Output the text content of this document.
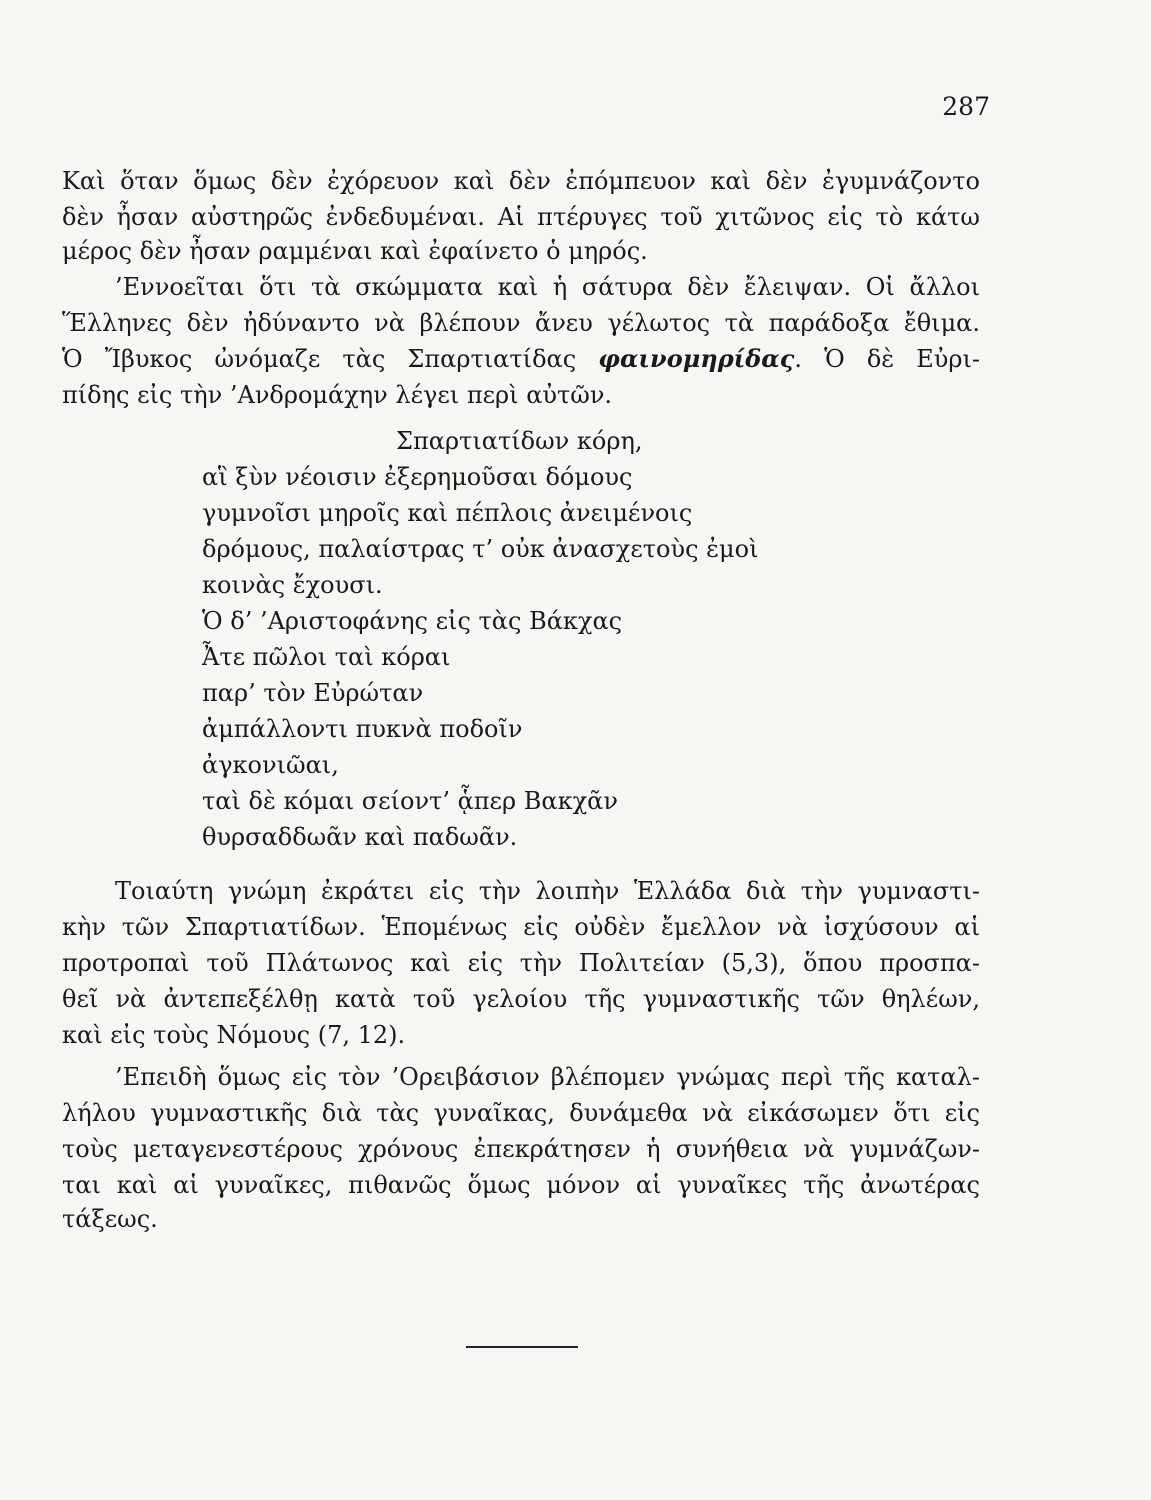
287
Καὶ ὅταν ὅμως δὲν ἐχόρευον καὶ δὲν ἐπόμπευον καὶ δὲν ἐγυμνάζοντο
δὲν ἦσαν αὐστηρῶς ἐνδεδυμέναι. Αἱ πτέρυγες τοῦ χιτῶνος εἰς τὸ κάτω
μέρος δὲν ἦσαν ραμμέναι καὶ ἐφαίνετο ὁ μηρός.
’Εννοεῖται ὅτι τὰ σκώμματα καὶ ἡ σάτυρα δὲν ἔλειψαν. Οἱ ἄλλοι
Ἕλληνες δὲν ἠδύναντο νὰ βλέπουν ἄνευ γέλωτος τὰ παράδοξα ἔθιμα.
Ὁ Ἴβυκος ὠνόμαζε τὰς Σπαρτιατίδας φαινομηρίδας. Ὁ δὲ Εὐρι-
πίδης εἰς τὴν ’Ανδρομάχην λέγει περὶ αὐτῶν.
Σπαρτιατίδων κόρη,
αἳ ξὺν νέοισιν ἐξερημοῦσαι δόμους
γυμνοῖσι μηροῖς καὶ πέπλοις ἀνειμένοις
δρόμους, παλαίστρας τ’ οὐκ ἀνασχετοὺς ἐμοὶ
κοινὰς ἔχουσι.
Ὁ δ’ ’Αριστοφάνης εἰς τὰς Βάκχας
Ἆτε πῶλοι ταὶ κόραι
παρ’ τὸν Εὐρώταν
ἀμπάλλοντι πυκνὰ ποδοῖν
ἀγκονιῶαι,
ταὶ δὲ κόμαι σείοντ’ ᾇπερ Βακχᾶν
θυρσαδδωᾶν καὶ παδωᾶν.
Τοιαύτη γνώμη ἐκράτει εἰς τὴν λοιπὴν Ἑλλάδα διὰ τὴν γυμναστι-
κὴν τῶν Σπαρτιατίδων. Ἑπομένως εἰς οὐδὲν ἔμελλον νὰ ἰσχύσουν αἱ
προτροπαὶ τοῦ Πλάτωνος καὶ εἰς τὴν Πολιτείαν (5,3), ὅπου προσπα-
θεῖ νὰ ἀντεπεξέλθῃ κατὰ τοῦ γελοίου τῆς γυμναστικῆς τῶν θηλέων,
καὶ εἰς τοὺς Νόμους (7, 12).
’Επειδὴ ὅμως εἰς τὸν ’Ορειβάσιον βλέπομεν γνώμας περὶ τῆς καταλ-
λήλου γυμναστικῆς διὰ τὰς γυναῖκας, δυνάμεθα νὰ εἰκάσωμεν ὅτι εἰς
τοὺς μεταγενεστέρους χρόνους ἐπεκράτησεν ἡ συνήθεια νὰ γυμνάζων-
ται καὶ αἱ γυναῖκες, πιθανῶς ὅμως μόνον αἱ γυναῖκες τῆς ἀνωτέρας
τάξεως.
